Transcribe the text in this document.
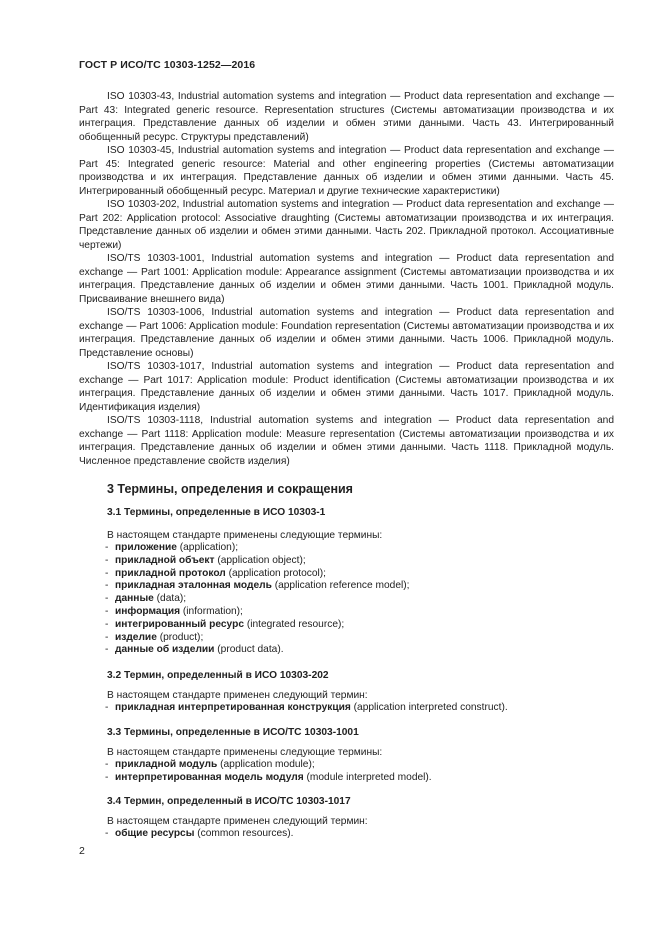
ГОСТ Р ИСО/ТС 10303-1252—2016

ISO 10303-43, Industrial automation systems and integration — Product data representation and exchange — Part 43: Integrated generic resource. Representation structures (Системы автоматизации производства и их интеграция. Представление данных об изделии и обмен этими данными. Часть 43. Интегрированный обобщенный ресурс. Структуры представлений)

ISO 10303-45, Industrial automation systems and integration — Product data representation and exchange — Part 45: Integrated generic resource: Material and other engineering properties (Системы автоматизации производства и их интеграция. Представление данных об изделии и обмен этими данными. Часть 45. Интегрированный обобщенный ресурс. Материал и другие технические характеристики)

ISO 10303-202, Industrial automation systems and integration — Product data representation and exchange — Part 202: Application protocol: Associative draughting (Системы автоматизации производства и их интеграция. Представление данных об изделии и обмен этими данными. Часть 202. Прикладной протокол. Ассоциативные чертежи)

ISO/TS 10303-1001, Industrial automation systems and integration — Product data representation and exchange — Part 1001: Application module: Appearance assignment (Системы автоматизации производства и их интеграция. Представление данных об изделии и обмен этими данными. Часть 1001. Прикладной модуль. Присваивание внешнего вида)

ISO/TS 10303-1006, Industrial automation systems and integration — Product data representation and exchange — Part 1006: Application module: Foundation representation (Системы автоматизации производства и их интеграция. Представление данных об изделии и обмен этими данными. Часть 1006. Прикладной модуль. Представление основы)

ISO/TS 10303-1017, Industrial automation systems and integration — Product data representation and exchange — Part 1017: Application module: Product identification (Системы автоматизации производства и их интеграция. Представление данных об изделии и обмен этими данными. Часть 1017. Прикладной модуль. Идентификация изделия)

ISO/TS 10303-1118, Industrial automation systems and integration — Product data representation and exchange — Part 1118: Application module: Measure representation (Системы автоматизации производства и их интеграция. Представление данных об изделии и обмен этими данными. Часть 1118. Прикладной модуль. Численное представление свойств изделия)

3 Термины, определения и сокращения
3.1 Термины, определенные в ИСО 10303-1
В настоящем стандарте применены следующие термины:
- приложение (application);
- прикладной объект (application object);
- прикладной протокол (application protocol);
- прикладная эталонная модель (application reference model);
- данные (data);
- информация (information);
- интегрированный ресурс (integrated resource);
- изделие (product);
- данные об изделии (product data).
3.2 Термин, определенный в ИСО 10303-202
В настоящем стандарте применен следующий термин:
- прикладная интерпретированная конструкция (application interpreted construct).
3.3 Термины, определенные в ИСО/ТС 10303-1001
В настоящем стандарте применены следующие термины:
- прикладной модуль (application module);
- интерпретированная модель модуля (module interpreted model).
3.4 Термин, определенный в ИСО/ТС 10303-1017
В настоящем стандарте применен следующий термин:
- общие ресурсы (common resources).
2
